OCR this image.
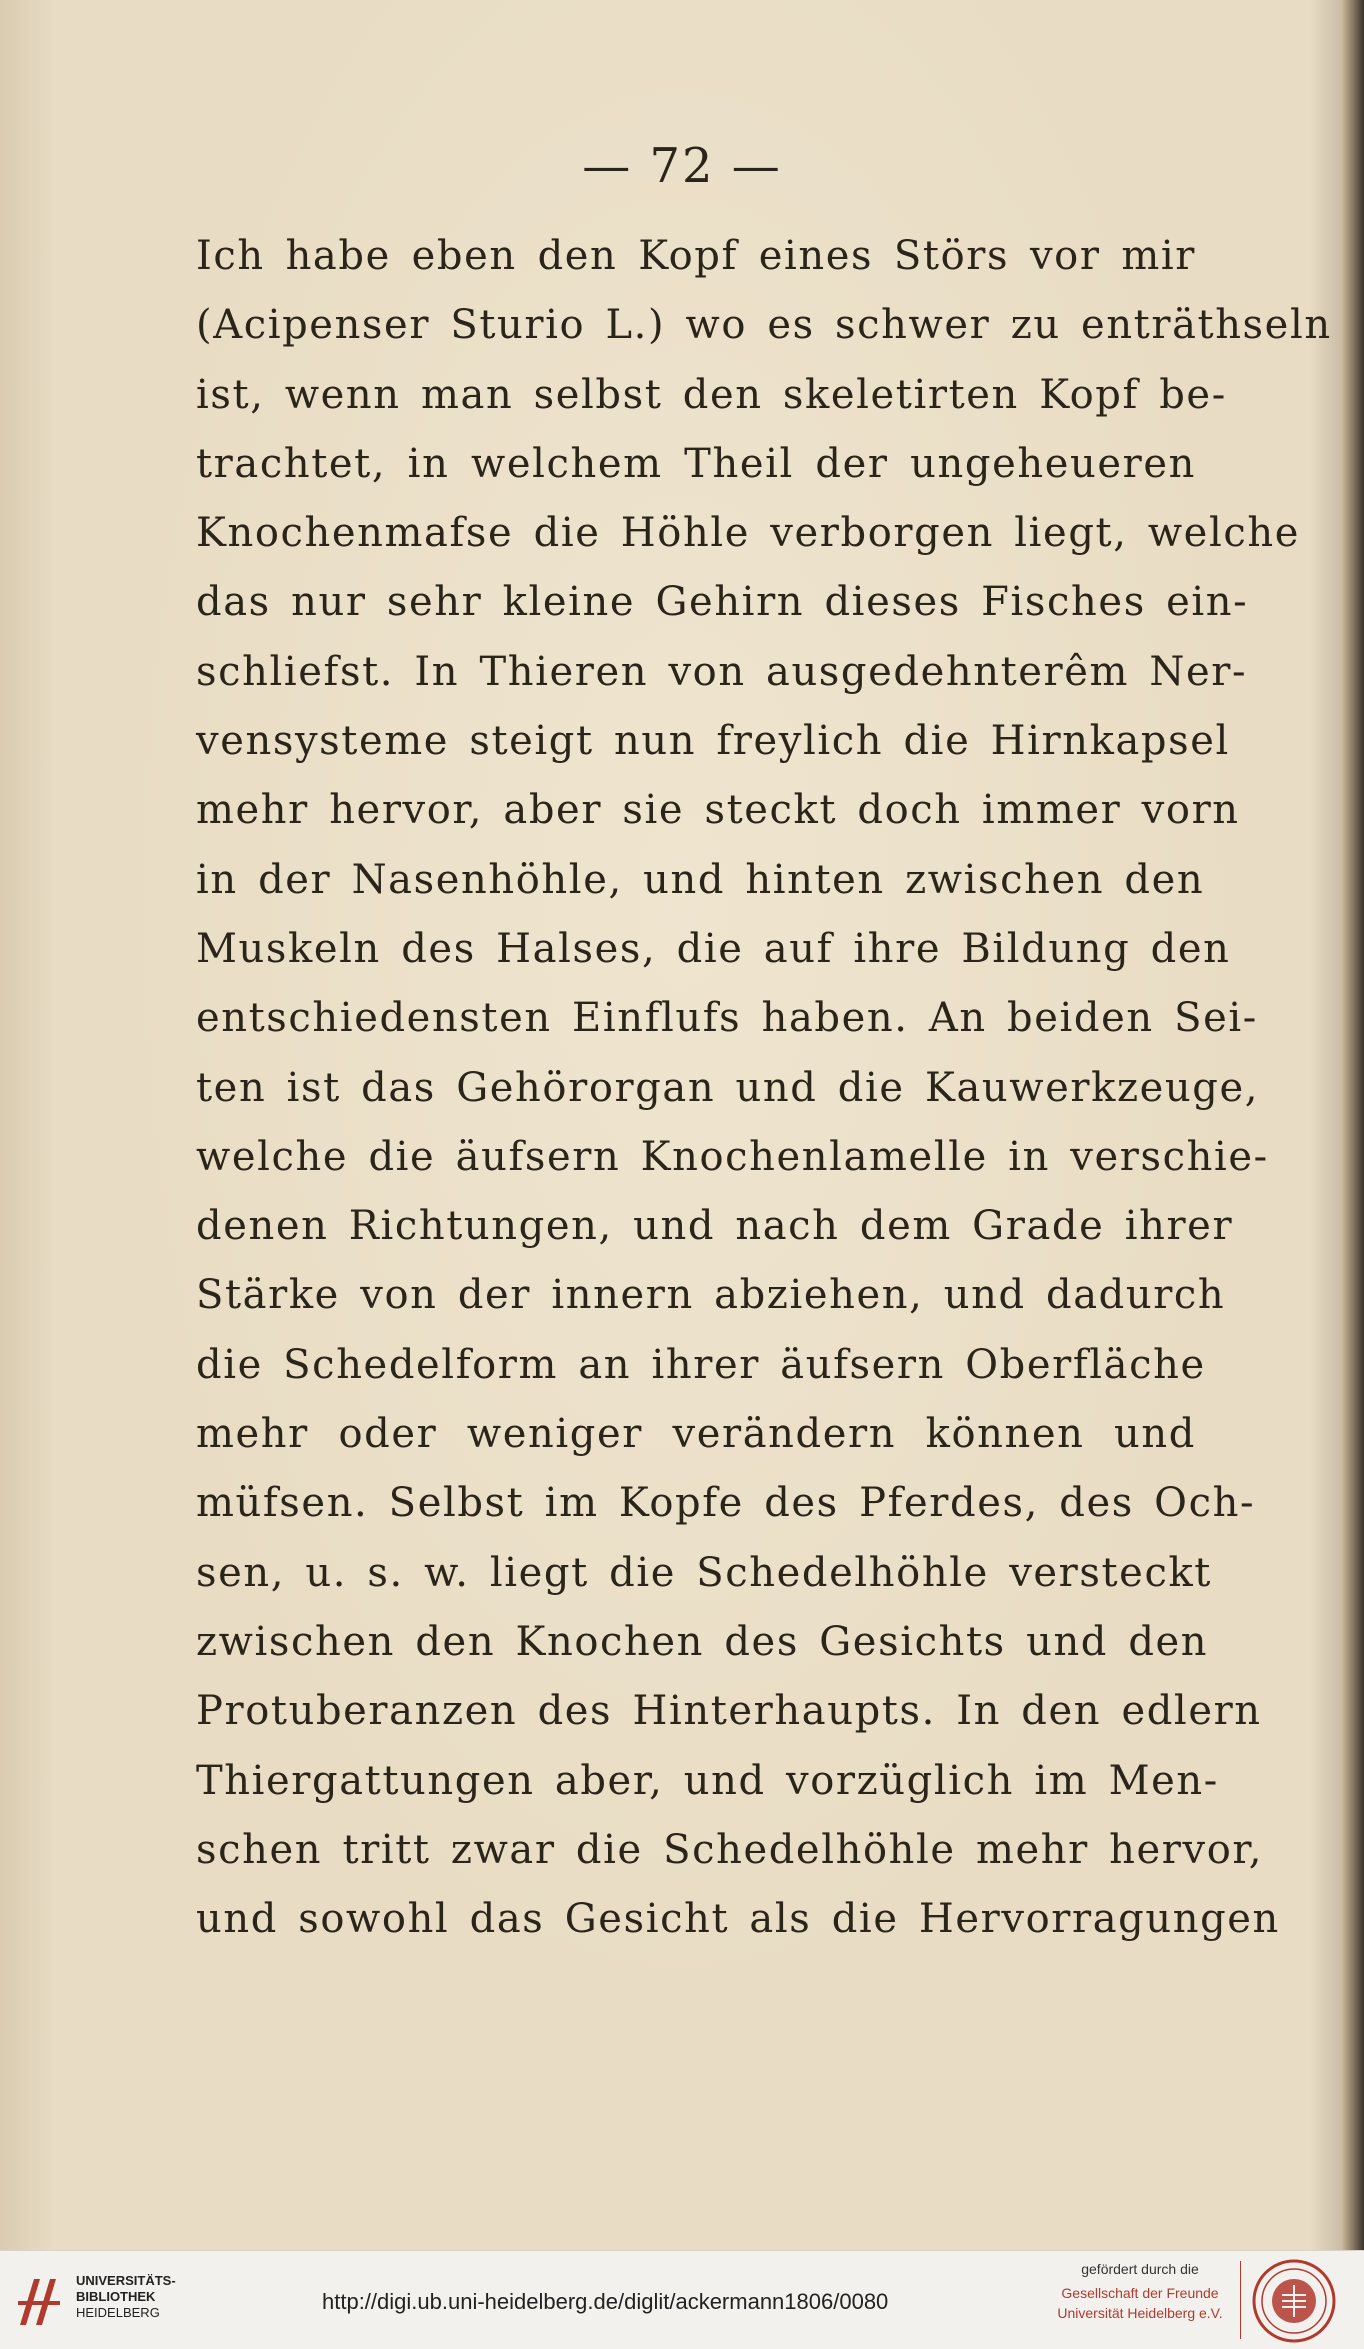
— 72 —
Ich habe eben den Kopf eines Störs vor mir
(Acipenser Sturio L.) wo es schwer zu enträthseln
ist, wenn man selbst den skeletirten Kopf be-
trachtet, in welchem Theil der ungeheueren
Knochenmafse die Höhle verborgen liegt, welche
das nur sehr kleine Gehirn dieses Fisches ein-
schliefst. In Thieren von ausgedehnterêm Ner-
vensysteme steigt nun freylich die Hirnkapsel
mehr hervor, aber sie steckt doch immer vorn
in der Nasenhöhle, und hinten zwischen den
Muskeln des Halses, die auf ihre Bildung den
entschiedensten Einflufs haben. An beiden Sei-
ten ist das Gehörorgan und die Kauwerkzeuge,
welche die äufsern Knochenlamelle in verschie-
denen Richtungen, und nach dem Grade ihrer
Stärke von der innern abziehen, und dadurch
die Schedelform an ihrer äufsern Oberfläche
mehr oder weniger verändern können und
müfsen. Selbst im Kopfe des Pferdes, des Och-
sen, u. s. w. liegt die Schedelhöhle versteckt
zwischen den Knochen des Gesichts und den
Protuberanzen des Hinterhaupts. In den edlern
Thiergattungen aber, und vorzüglich im Men-
schen tritt zwar die Schedelhöhle mehr hervor,
und sowohl das Gesicht als die Hervorragungen
UNIVERSITÄTS-
BIBLIOTHEK
HEIDELBERG	http://digi.ub.uni-heidelberg.de/diglit/ackermann1806/0080
gefördert durch die
Gesellschaft der Freunde
Universität Heidelberg e.V.
